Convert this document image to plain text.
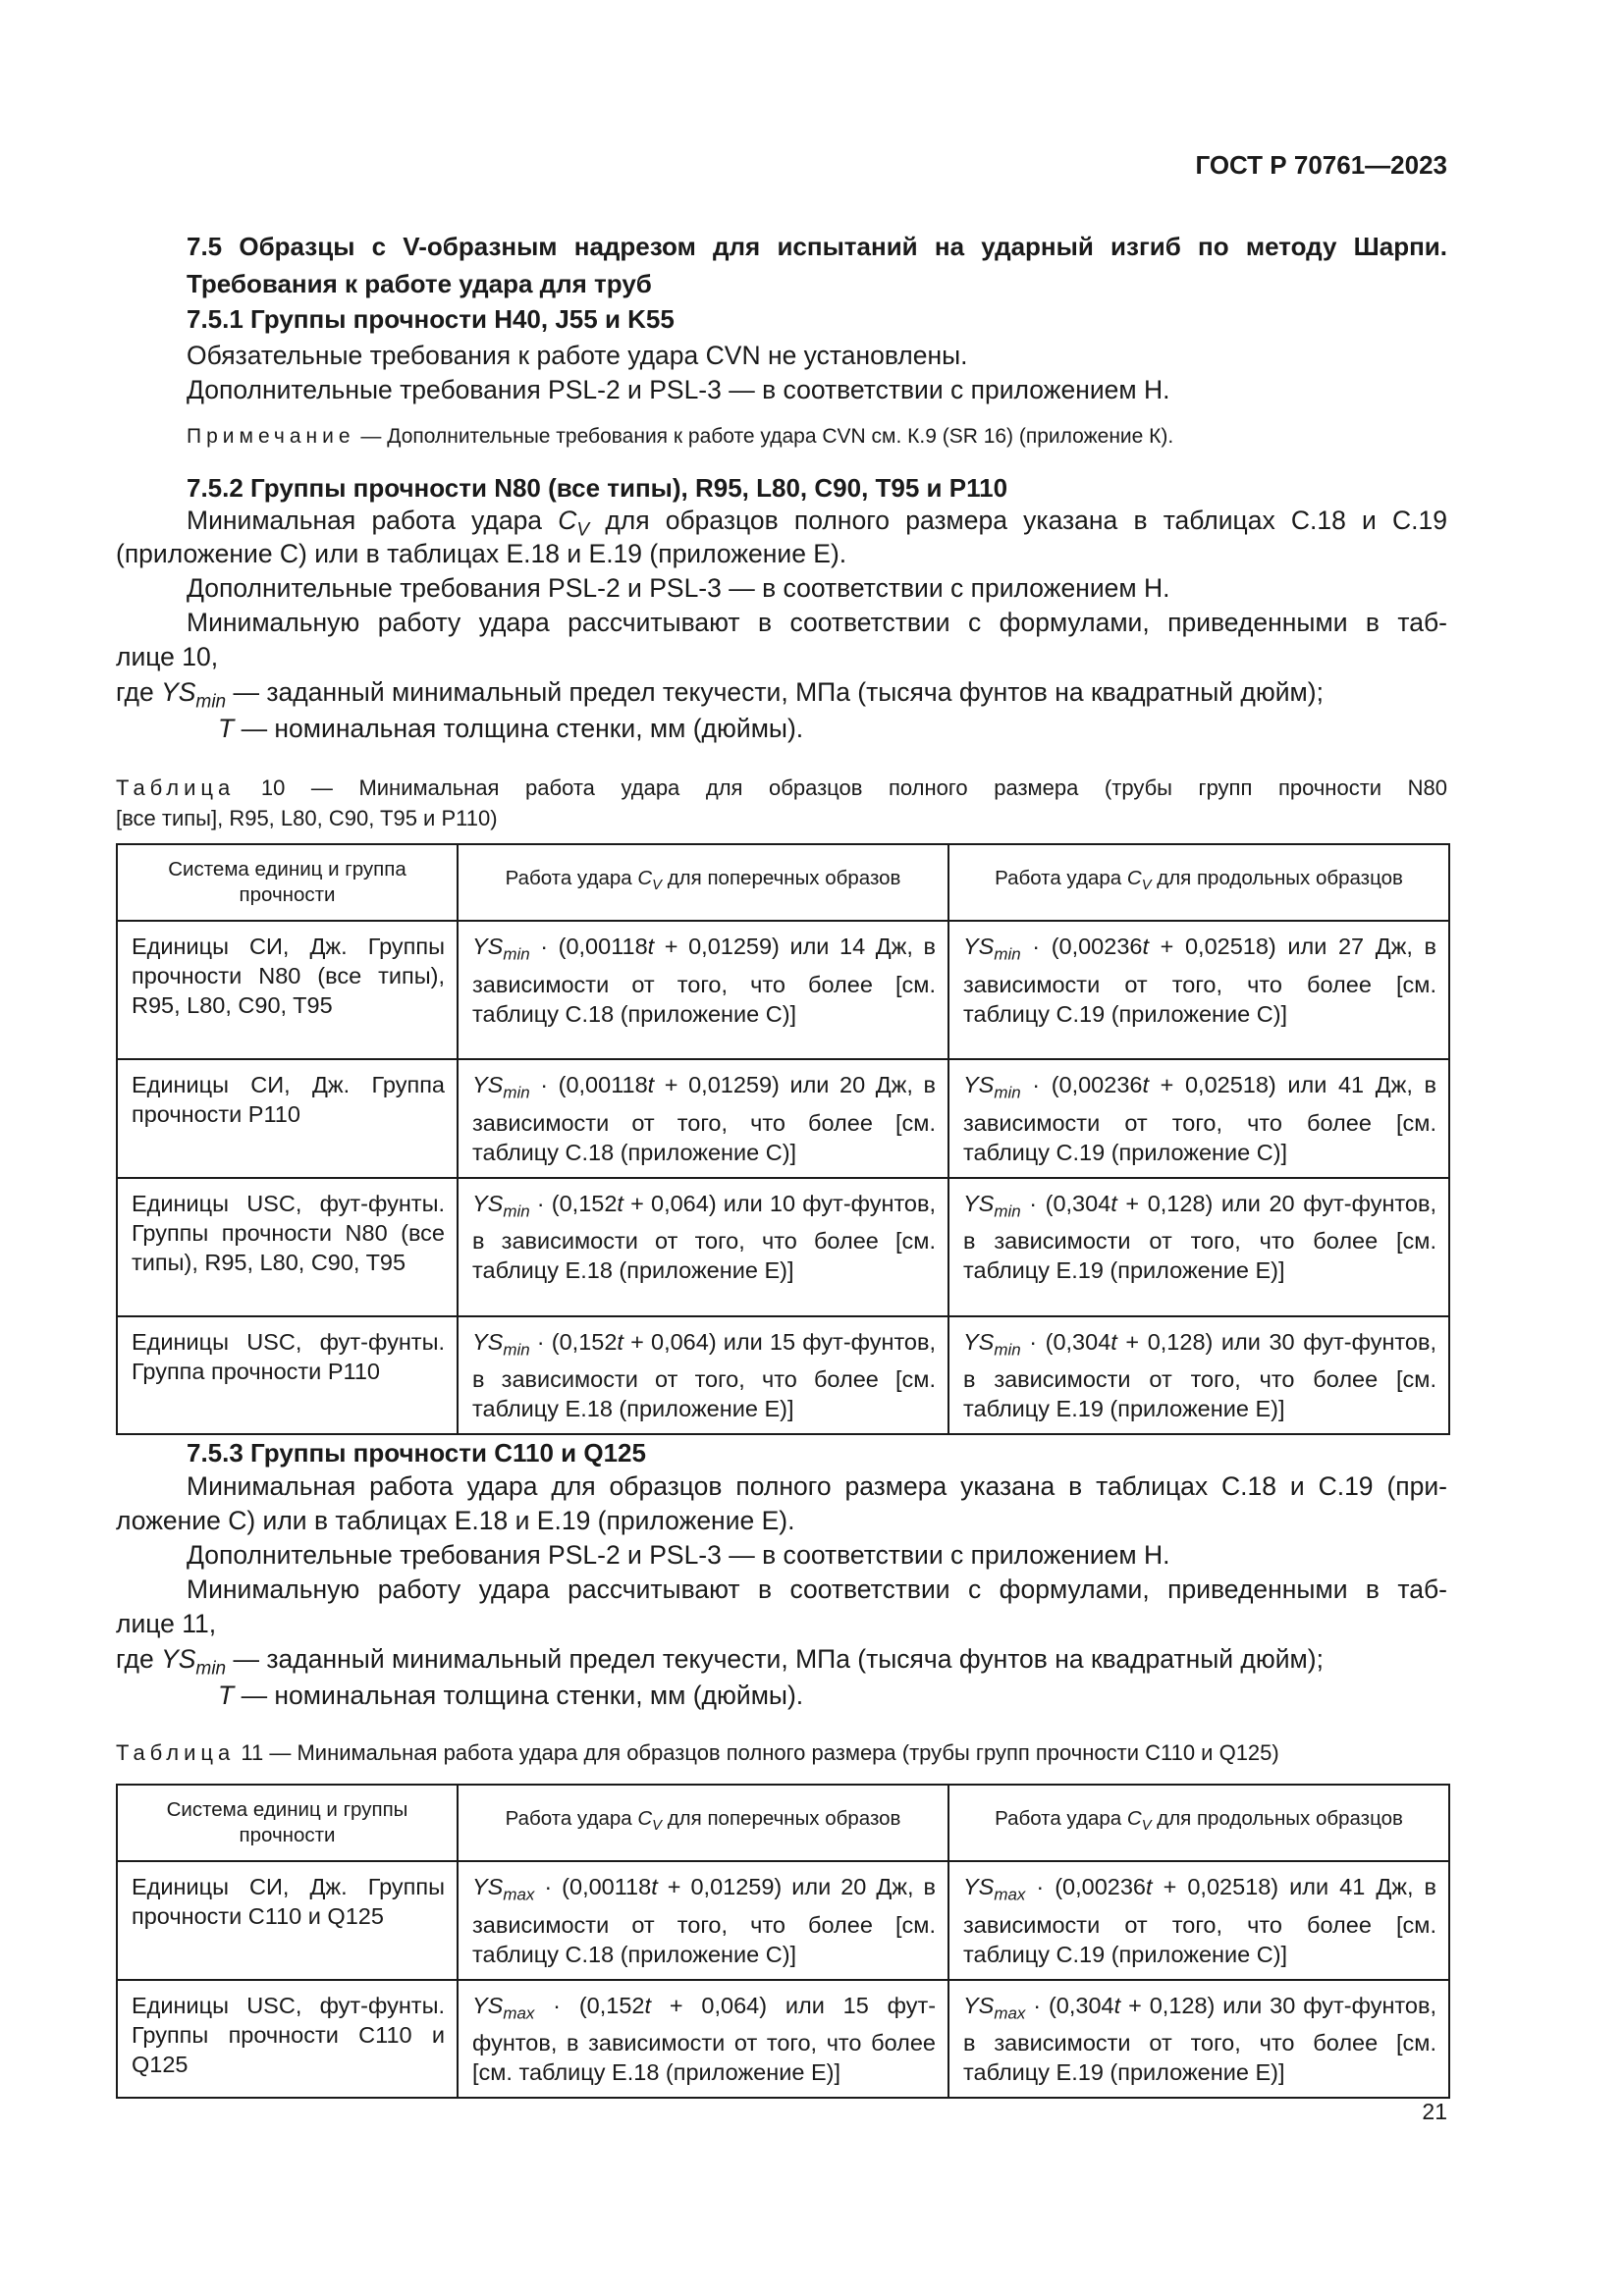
ГОСТ Р 70761—2023
7.5 Образцы с V-образным надрезом для испытаний на ударный изгиб по методу Шарпи.
Требования к работе удара для труб
7.5.1 Группы прочности H40, J55 и K55
Обязательные требования к работе удара CVN не установлены.
Дополнительные требования PSL-2 и PSL-3 — в соответствии с приложением Н.
Примечание — Дополнительные требования к работе удара CVN см. К.9 (SR 16) (приложение К).
7.5.2 Группы прочности N80 (все типы), R95, L80, C90, T95 и P110
Минимальная работа удара $C_V$ для образцов полного размера указана в таблицах С.18 и С.19
(приложение С) или в таблицах Е.18 и Е.19 (приложение Е).
Дополнительные требования PSL-2 и PSL-3 — в соответствии с приложением Н.
Минимальную работу удара рассчитывают в соответствии с формулами, приведенными в таб-
лице 10,
где $YS_{min}$ — заданный минимальный предел текучести, МПа (тысяча фунтов на квадратный дюйм);
T — номинальная толщина стенки, мм (дюймы).
Таблица 10 — Минимальная работа удара для образцов полного размера (трубы групп прочности N80
[все типы], R95, L80, C90, T95 и P110)
Система единиц и группа прочности	Работа удара $C_V$ для поперечных образов	Работа удара $C_V$ для продольных образцов
Единицы СИ, Дж. Группы прочности N80 (все типы), R95, L80, C90, T95	$YS_{min} \cdot (0,00118t + 0,01259)$ или 14 Дж, в зависимости от того, что более [см. таблицу С.18 (приложение С)]	$YS_{min} \cdot (0,00236t + 0,02518)$ или 27 Дж, в зависимости от того, что более [см. таблицу С.19 (приложение С)]
Единицы СИ, Дж. Группа прочности P110	$YS_{min} \cdot (0,00118t + 0,01259)$ или 20 Дж, в зависимости от того, что более [см. таблицу С.18 (приложение С)]	$YS_{min} \cdot (0,00236t + 0,02518)$ или 41 Дж, в зависимости от того, что более [см. таблицу С.19 (приложение С)]
Единицы USC, фут-фунты. Группы прочности N80 (все типы), R95, L80, C90, T95	$YS_{min} \cdot (0,152t + 0,064)$ или 10 фут-фунтов, в зависимости от того, что более [см. таблицу Е.18 (приложение Е)]	$YS_{min} \cdot (0,304t + 0,128)$ или 20 фут-фунтов, в зависимости от того, что более [см. таблицу Е.19 (приложение Е)]
Единицы USC, фут-фунты. Группа прочности P110	$YS_{min} \cdot (0,152t + 0,064)$ или 15 фут-фунтов, в зависимости от того, что более [см. таблицу Е.18 (приложение Е)]	$YS_{min} \cdot (0,304t + 0,128)$ или 30 фут-фунтов, в зависимости от того, что более [см. таблицу Е.19 (приложение Е)]
7.5.3 Группы прочности C110 и Q125
Минимальная работа удара для образцов полного размера указана в таблицах С.18 и С.19 (при-
ложение С) или в таблицах Е.18 и Е.19 (приложение Е).
Дополнительные требования PSL-2 и PSL-3 — в соответствии с приложением Н.
Минимальную работу удара рассчитывают в соответствии с формулами, приведенными в таб-
лице 11,
где $YS_{min}$ — заданный минимальный предел текучести, МПа (тысяча фунтов на квадратный дюйм);
T — номинальная толщина стенки, мм (дюймы).
Таблица 11 — Минимальная работа удара для образцов полного размера (трубы групп прочности C110 и Q125)
Система единиц и группы прочности	Работа удара $C_V$ для поперечных образов	Работа удара $C_V$ для продольных образцов
Единицы СИ, Дж. Группы прочности C110 и Q125	$YS_{max} \cdot (0,00118t + 0,01259)$ или 20 Дж, в зависимости от того, что более [см. таблицу С.18 (приложение С)]	$YS_{max} \cdot (0,00236t + 0,02518)$ или 41 Дж, в зависимости от того, что более [см. таблицу С.19 (приложение С)]
Единицы USC, фут-фунты. Группы прочности C110 и Q125	$YS_{max} \cdot (0,152t + 0,064)$ или 15 фут-фунтов, в зависимости от того, что более [см. таблицу Е.18 (приложение Е)]	$YS_{max} \cdot (0,304t + 0,128)$ или 30 фут-фунтов, в зависимости от того, что более [см. таблицу Е.19 (приложение Е)]
21
